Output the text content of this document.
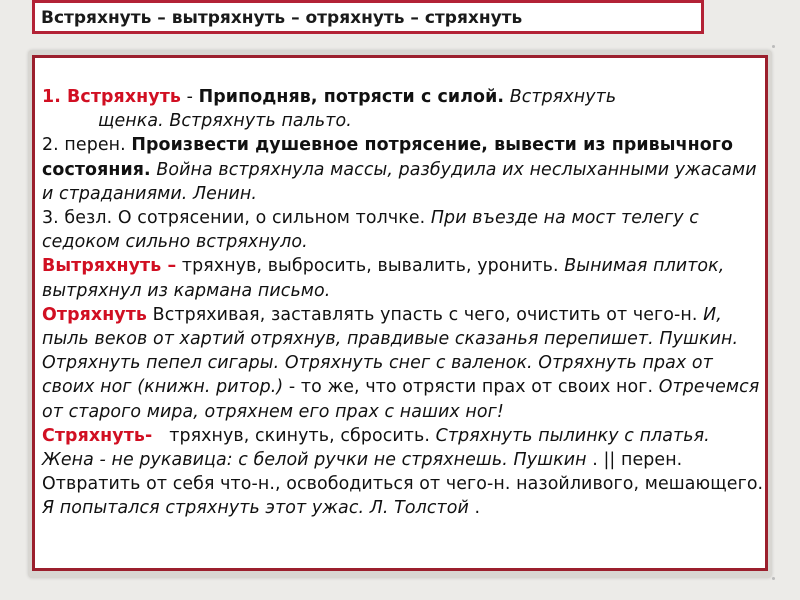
Встряхнуть – вытряхнуть – отряхнуть – стряхнуть
1. Встряхнуть - Приподняв, потрясти с силой. Встряхнуть
щенка. Встряхнуть пальто.
2. перен. Произвести душевное потрясение, вывести из привычного состояния. Война встряхнула массы, разбудила их неслыханными ужасами и страданиями. Ленин.
3. безл. О сотрясении, о сильном толчке. При въезде на мост телегу с седоком сильно встряхнуло.
Вытряхнуть – тряхнув, выбросить, вывалить, уронить. Вынимая плиток, вытряхнул из кармана письмо.
Отряхнуть Встряхивая, заставлять упасть с чего, очистить от чего-н. И, пыль веков от хартий отряхнув, правдивые сказанья перепишет. Пушкин. Отряхнуть пепел сигары. Отряхнуть снег с валенок. Отряхнуть прах от своих ног (книжн. ритор.) - то же, что отрясти прах от своих ног. Отречемся от старого мира, отряхнем его прах с наших ног!
Стряхнуть-   тряхнув, скинуть, сбросить. Стряхнуть пылинку с платья. Жена - не рукавица: с белой ручки не стряхнешь. Пушкин . || перен. Отвратить от себя что-н., освободиться от чего-н. назойливого, мешающего. Я попытался стряхнуть этот ужас. Л. Толстой .
